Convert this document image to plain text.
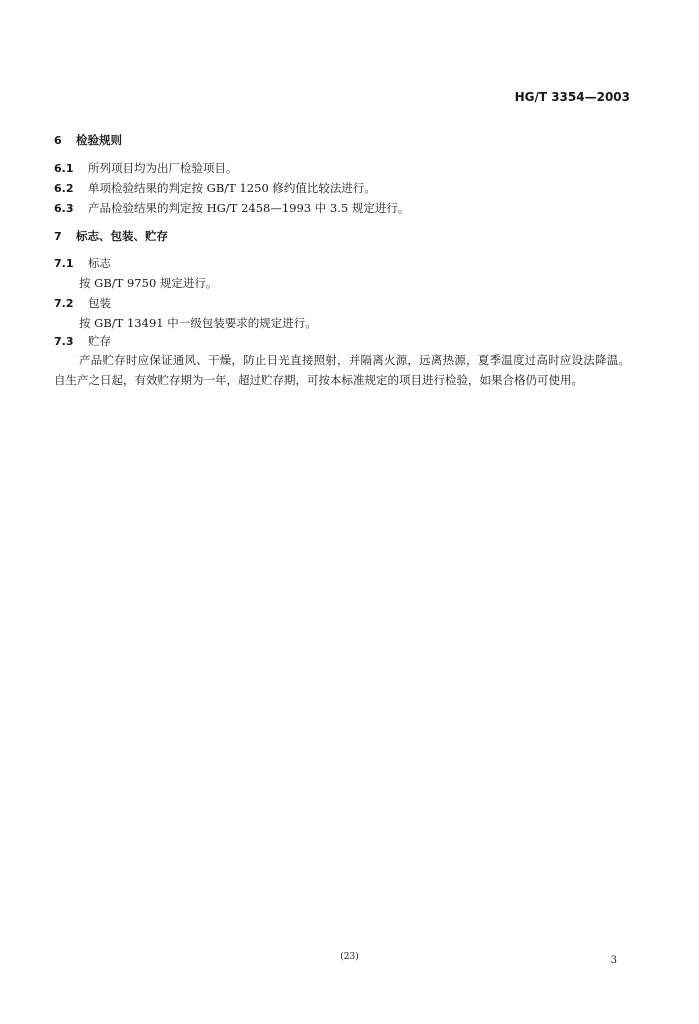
HG/T 3354—2003
6 检验规则
6.1 所列项目均为出厂检验项目。
6.2 单项检验结果的判定按 GB/T 1250 修约值比较法进行。
6.3 产品检验结果的判定按 HG/T 2458—1993 中 3.5 规定进行。
7 标志、包装、贮存
7.1 标志
按 GB/T 9750 规定进行。
7.2 包装
按 GB/T 13491 中一级包装要求的规定进行。
7.3 贮存
产品贮存时应保证通风、干燥，防止日光直接照射，并隔离火源，远离热源，夏季温度过高时应设法降温。自生产之日起，有效贮存期为一年，超过贮存期，可按本标准规定的项目进行检验，如果合格仍可使用。
(23)	3
